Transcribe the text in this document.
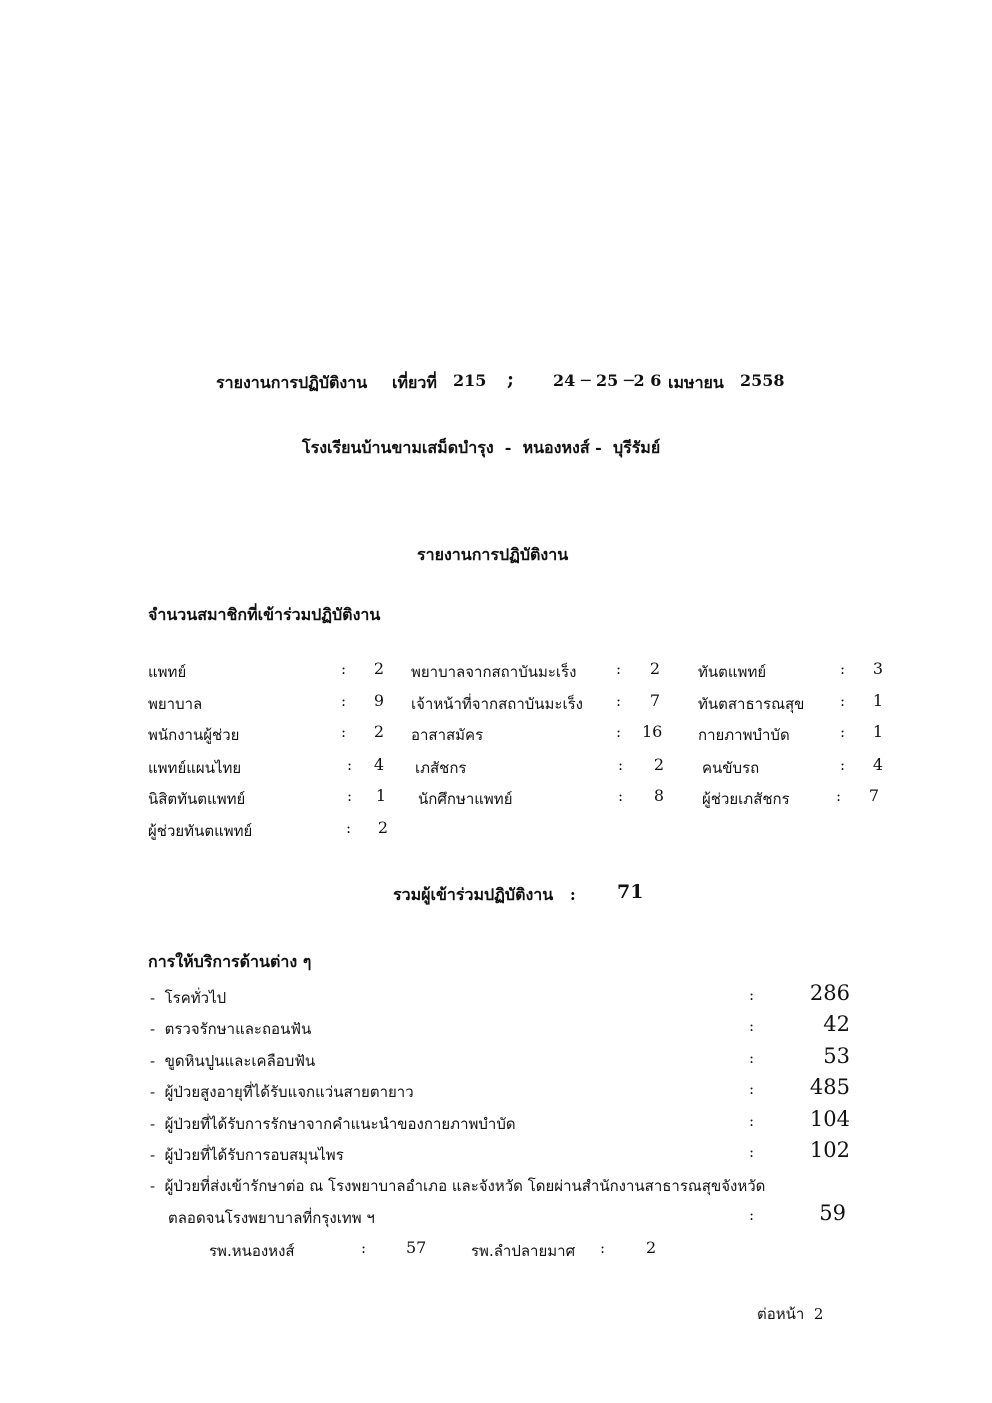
รายงานการปฏิบัติงาน เที่ยวที่ 215 ; 24 ─ 25 ─2 6 เมษายน 2558
โรงเรียนบ้านขามเสม็ดบำรุง  -  หนองหงส์ -  บุรีรัมย์
รายงานการปฏิบัติงาน
จำนวนสมาชิกที่เข้าร่วมปฏิบัติงาน
แพทย์	:	2 พยาบาลจากสถาบันมะเร็ง	:	2	ทันตแพทย์	:	3
พยาบาล	:	9 เจ้าหน้าที่จากสถาบันมะเร็ง :	7	ทันตสาธารณสุข :	1
พนักงานผู้ช่วย	:	2 อาสาสมัคร	: 16 กายภาพบำบัด	:	1
แพทย์แผนไทย	:	4 เภสัชกร	:	2	คนขับรถ	:	4
นิสิตทันตแพทย์	:	1 นักศึกษาแพทย์	:	8	ผู้ช่วยเภสัชกร	:	7
ผู้ช่วยทันตแพทย์	:	2
รวมผู้เข้าร่วมปฏิบัติงาน   : 71
การให้บริการด้านต่าง ๆ
-  โรคทั่วไป	:	286
-  ตรวจรักษาและถอนฟัน	:	42
-  ขูดหินปูนและเคลือบฟัน	:	53
-  ผู้ป่วยสูงอายุที่ได้รับแจกแว่นสายตายาว	:	485
-  ผู้ป่วยที่ได้รับการรักษาจากคำแนะนำของกายภาพบำบัด	:	104
-  ผู้ป่วยที่ได้รับการอบสมุนไพร	:	102
-  ผู้ป่วยที่ส่งเข้ารักษาต่อ ณ โรงพยาบาลอำเภอ และจังหวัด โดยผ่านสำนักงานสาธารณสุขจังหวัด
ตลอดจนโรงพยาบาลที่กรุงเทพ ฯ	:	59
รพ.หนองหงส์	: 57	รพ.ลำปลายมาศ :	2
ต่อหน้า  2
